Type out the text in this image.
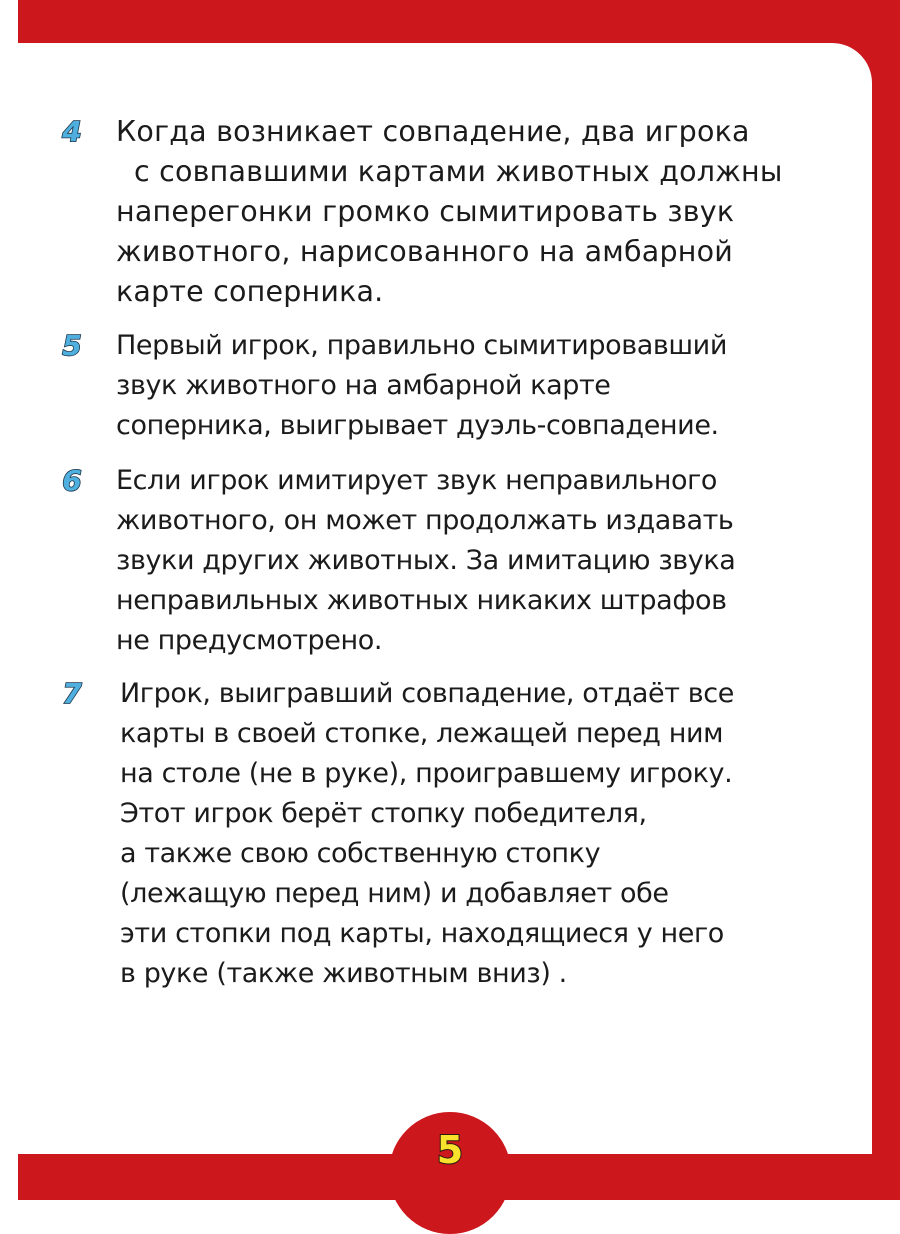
5
4 Когда возникает совпадение, два игрока
с совпавшими картами животных должны
наперегонки громко сымитировать звук
животного, нарисованного на амбарной
карте соперника.
5	Первый игрок, правильно сымитировавший
звук животного на амбарной карте
соперника, выигрывает дуэль-совпадение.
6	Если игрок имитирует звук неправильного
животного, он может продолжать издавать
звуки других животных. За имитацию звука
неправильных животных никаких штрафов
не предусмотрено.
7	Игрок, выигравший совпадение, отдаёт все
карты в своей стопке, лежащей перед ним
на столе (не в руке), проигравшему игроку.
Этот игрок берёт стопку победителя,
а также свою собственную стопку
(лежащую перед ним) и добавляет обе
эти стопки под карты, находящиеся у него
в руке (также животным вниз) .
